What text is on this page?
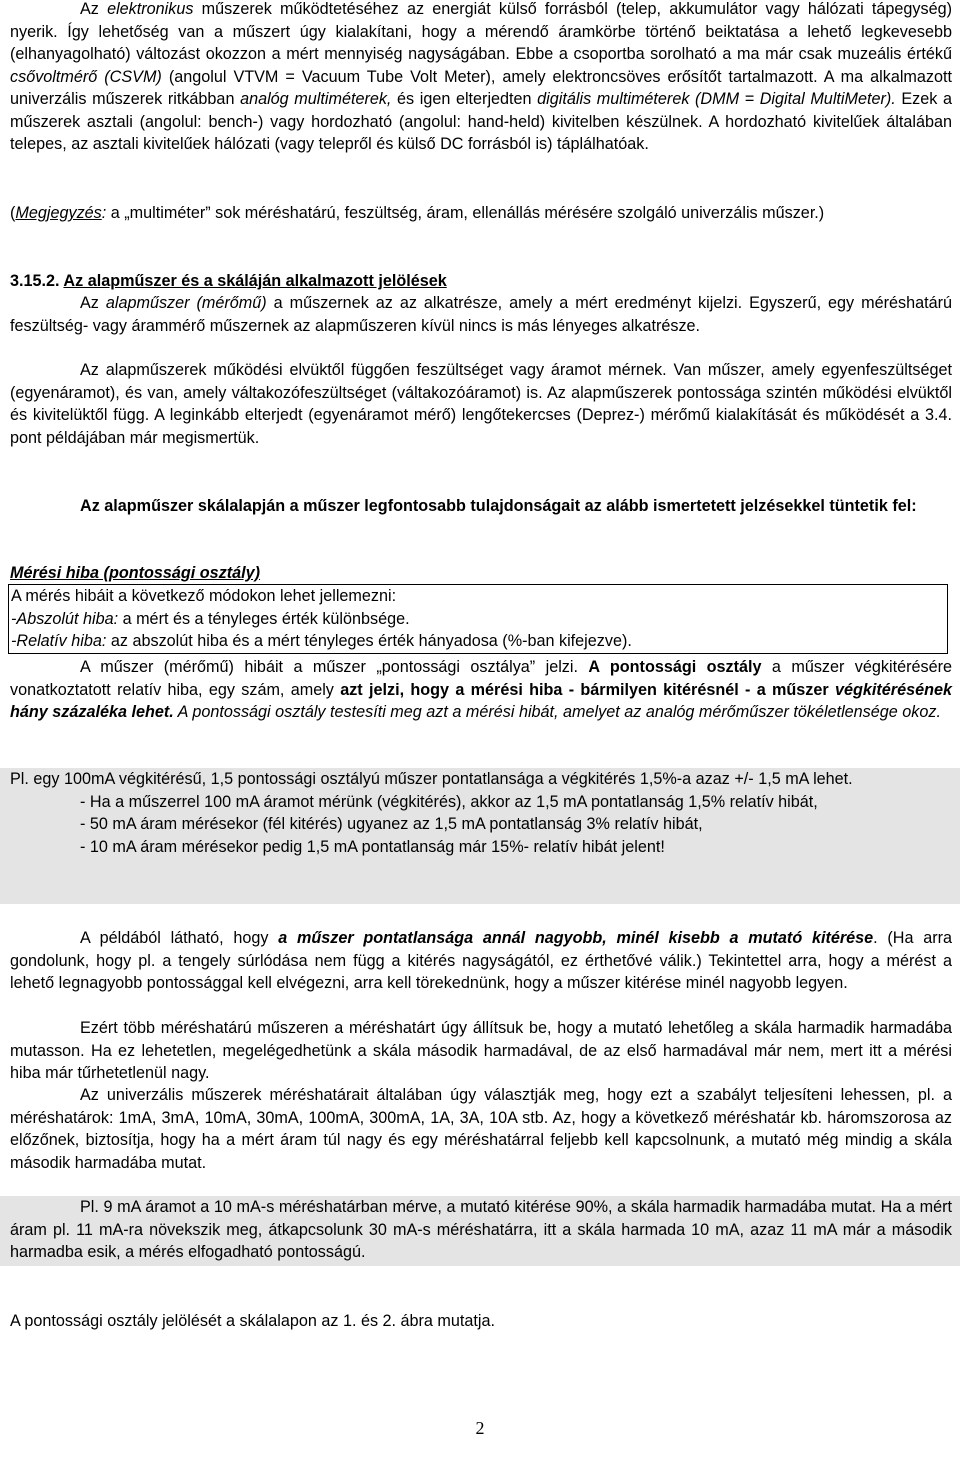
Az elektronikus műszerek működtetéséhez az energiát külső forrásból (telep, akkumulátor vagy hálózati tápegység) nyerik. Így lehetőség van a műszert úgy kialakítani, hogy a mérendő áramkörbe történő beiktatása a lehető legkevesebb (elhanyagolható) változást okozzon a mért mennyiség nagyságában. Ebbe a csoportba sorolható a ma már csak muzeális értékű csővoltmérő (CSVM) (angolul VTVM = Vacuum Tube Volt Meter), amely elektroncsöves erősítőt tartalmazott. A ma alkalmazott univerzális műszerek ritkábban analóg multiméterek, és igen elterjedten digitális multiméterek (DMM = Digital MultiMeter). Ezek a műszerek asztali (angolul: bench-) vagy hordozható (angolul: hand-held) kivitelben készülnek. A hordozható kivitelűek általában telepes, az asztali kivitelűek hálózati (vagy telepről és külső DC forrásból is) táplálhatóak.

(Megjegyzés: a „multiméter” sok méréshatárú, feszültség, áram, ellenállás mérésére szolgáló univerzális műszer.)

3.15.2. Az alapműszer és a skáláján alkalmazott jelölések

Az alapműszer (mérőmű) a műszernek az az alkatrésze, amely a mért eredményt kijelzi. Egyszerű, egy méréshatárú feszültség- vagy árammérő műszernek az alapműszeren kívül nincs is más lényeges alkatrésze.

Az alapműszerek működési elvüktől függően feszültséget vagy áramot mérnek. Van műszer, amely egyenfeszültséget (egyenáramot), és van, amely váltakozófeszültséget (váltakozóáramot) is. Az alapműszerek pontossága szintén működési elvüktől és kivitelüktől függ. A leginkább elterjedt (egyenáramot mérő) lengőtekercses (Deprez-) mérőmű kialakítását és működését a 3.4. pont példájában már megismertük.

Az alapműszer skálalapján a műszer legfontosabb tulajdonságait az alább ismertetett jelzésekkel tüntetik fel:

Mérési hiba (pontossági osztály)

A mérés hibáit a következő módokon lehet jellemezni:

-Abszolút hiba: a mért és a tényleges érték különbsége.

-Relatív hiba: az abszolút hiba és a mért tényleges érték hányadosa (%-ban kifejezve).

A műszer (mérőmű) hibáit a műszer „pontossági osztálya” jelzi. A pontossági osztály a műszer végkitérésére vonatkoztatott relatív hiba, egy szám, amely azt jelzi, hogy a mérési hiba - bármilyen kitérésnél - a műszer végkitérésének hány százaléka lehet. A pontossági osztály testesíti meg azt a mérési hibát, amelyet az analóg mérőműszer tökéletlensége okoz.

Pl. egy 100mA végkitérésű, 1,5 pontossági osztályú műszer pontatlansága a végkitérés 1,5%-a azaz +/- 1,5 mA lehet.

- Ha a műszerrel 100 mA áramot mérünk (végkitérés), akkor az 1,5 mA pontatlanság 1,5% relatív hibát,

- 50 mA áram mérésekor (fél kitérés) ugyanez az 1,5 mA pontatlanság 3% relatív hibát,

- 10 mA áram mérésekor pedig 1,5 mA pontatlanság már 15%- relatív hibát jelent!

A példából látható, hogy a műszer pontatlansága annál nagyobb, minél kisebb a mutató kitérése. (Ha arra gondolunk, hogy pl. a tengely súrlódása nem függ a kitérés nagyságától, ez érthetővé válik.) Tekintettel arra, hogy a mérést a lehető legnagyobb pontossággal kell elvégezni, arra kell törekednünk, hogy a műszer kitérése minél nagyobb legyen.

Ezért több méréshatárú műszeren a méréshatárt úgy állítsuk be, hogy a mutató lehetőleg a skála harmadik harmadába mutasson. Ha ez lehetetlen, megelégedhetünk a skála második harmadával, de az első harmadával már nem, mert itt a mérési hiba már tűrhetetlenül nagy.

Az univerzális műszerek méréshatárait általában úgy választják meg, hogy ezt a szabályt teljesíteni lehessen, pl. a méréshatárok: 1mA, 3mA, 10mA, 30mA, 100mA, 300mA, 1A, 3A, 10A stb. Az, hogy a következő méréshatár kb. háromszorosa az előzőnek, biztosítja, hogy ha a mért áram túl nagy és egy méréshatárral feljebb kell kapcsolnunk, a mutató még mindig a skála második harmadába mutat.

Pl. 9 mA áramot a 10 mA-s méréshatárban mérve, a mutató kitérése 90%, a skála harmadik harmadába mutat. Ha a mért áram pl. 11 mA-ra növekszik meg, átkapcsolunk 30 mA-s méréshatárra, itt a skála harmada 10 mA, azaz 11 mA már a második harmadba esik, a mérés elfogadható pontosságú.

A pontossági osztály jelölését a skálalapon az 1. és 2. ábra mutatja.

2
